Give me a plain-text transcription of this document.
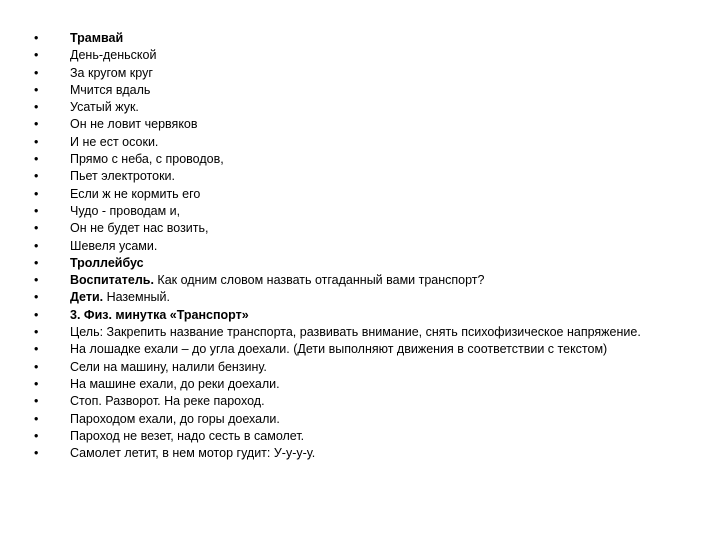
•	Трамвай
•	День-деньской
•	За кругом круг
•	Мчится вдаль
•	Усатый жук.
•	Он не ловит червяков
•	И не ест осоки.
•	Прямо с неба, с проводов,
•	Пьет электротоки.
•	Если ж не кормить его
•	Чудо - проводам и,
•	Он не будет нас возить,
•	Шевеля усами.
•	Троллейбус
•	Воспитатель. Как одним словом назвать отгаданный вами транспорт?
•	Дети. Наземный.
•	3. Физ. минутка «Транспорт»
•	Цель: Закрепить название транспорта, развивать внимание, снять психофизическое напряжение.
•	На лошадке ехали – до угла доехали. (Дети выполняют движения в соответствии с текстом)
•	Сели на машину, налили бензину.
•	На машине ехали, до реки доехали.
•	Стоп. Разворот. На реке пароход.
•	Пароходом ехали, до горы доехали.
•	Пароход не везет, надо сесть в самолет.
•	Самолет летит, в нем мотор гудит: У-у-у-у.
